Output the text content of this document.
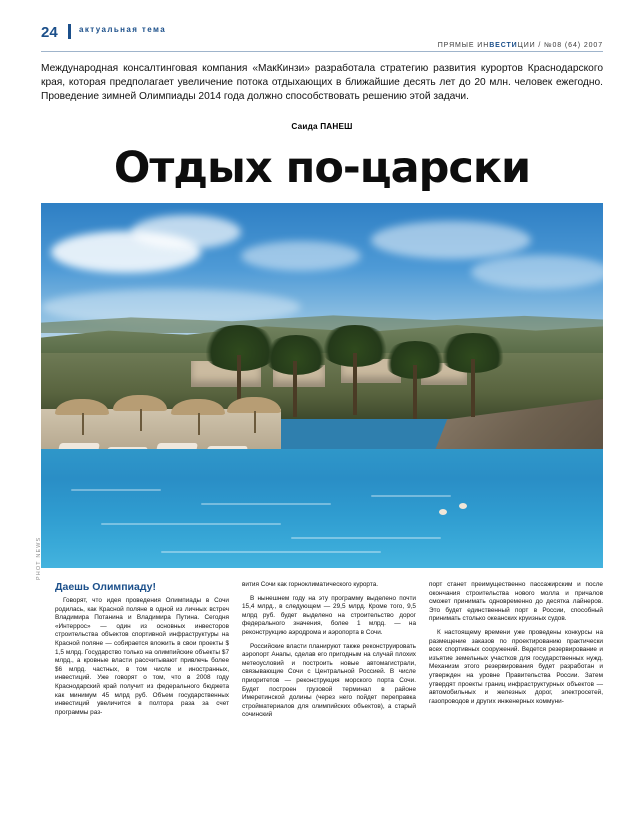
24	актуальная тема
ПРЯМЫЕ ИНВЕСТИЦИИ / №08 (64) 2007
Международная консалтинговая компания «МакКинзи» разработала стратегию развития курортов Краснодарского края, которая предполагает увеличение потока отдыхающих в ближайшие десять лет до 20 млн. человек ежегодно. Проведение зимней Олимпиады 2014 года должно способствовать решению этой задачи.
Саида ПАНЕШ
Отдых по-царски
PHOT NEWS
Даешь Олимпиаду!

Говорят, что идея проведения Олимпиады в Сочи родилась, как Красной поляне в одной из личных встреч Владимира Потанина и Владимира Путина. Сегодня «Интеррос» — один из основных инвесторов строительства объектов спортивной инфраструктуры на Красной поляне — собирается вложить в свои проекты $ 1,5 млрд. Государство только на олимпийские объекты $7 млрд., а кровные власти рассчитывают привлечь более $6 млрд. частных, в том числе и иностранных, инвестиций. Уже говорят о том, что в 2008 году Краснодарский край получит из федерального бюджета как минимум 45 млрд руб. Объем государственных инвестиций увеличится в полтора раза за счет программы раз-

вития Сочи как горноклиматического курорта.

В нынешнем году на эту программу выделено почти 15,4 млрд., в следующем — 29,5 млрд. Кроме того, 9,5 млрд руб. будет выделено на строительство дорог федерального значения, более 1 млрд. — на реконструкцию аэродрома и аэропорта в Сочи.

Российские власти планируют также реконструировать аэропорт Анапы, сделав его пригодным на случай плохих метеоусловий и построить новые автомагистрали, связывающие Сочи с Центральной Россией. В числе приоритетов — реконструкция морского порта Сочи. Будет построен грузовой терминал в районе Имеретинской долины (через него пойдет переправка стройматериалов для олимпийских объектов), а старый сочинский

порт станет преимущественно пассажирским и после окончания строительства нового молла и причалов сможет принимать одновременно до десятка лайнеров. Это будет единственный порт в России, способный принимать столько океанских круизных судов.

К настоящему времени уже проведены конкурсы на размещение заказов по проектированию практически всех спортивных сооружений. Ведется резервирование и изъятие земельных участков для государственных нужд. Механизм этого резервирования будет разработан и утвержден на уровне Правительства России. Затем утвердят проекты границ инфраструктурных объектов — автомобильных и железных дорог, электросетей, газопроводов и других инженерных коммуни-
